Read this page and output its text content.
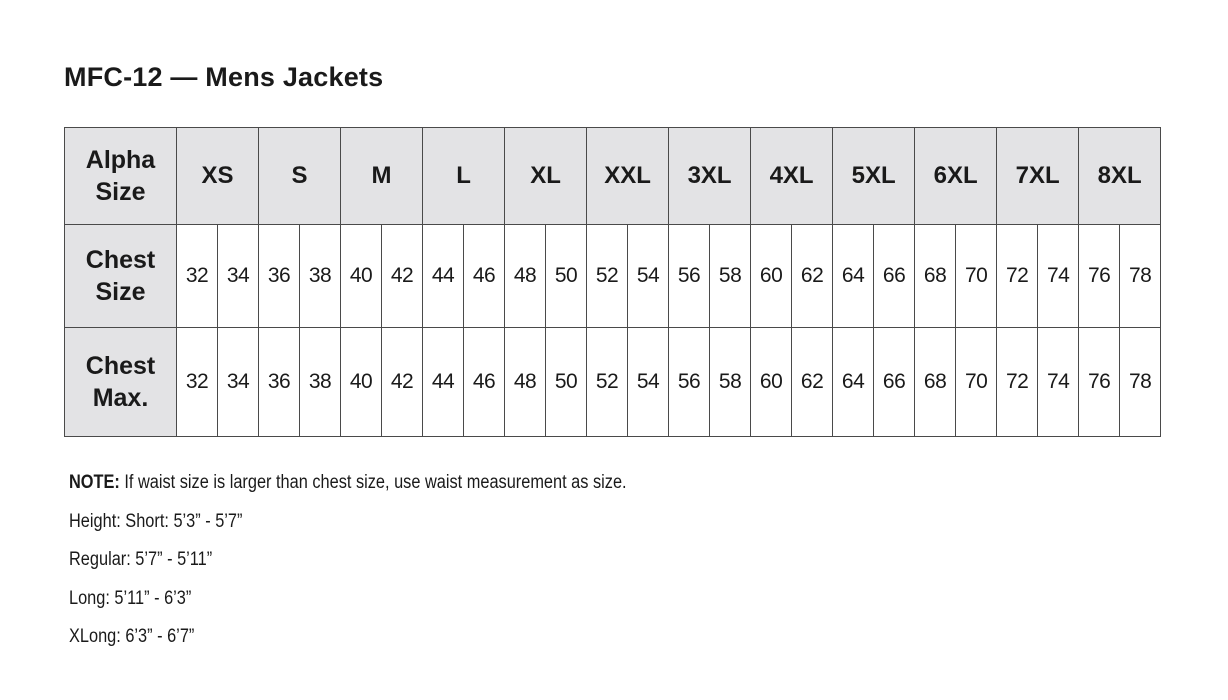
MFC-12 — Mens Jackets
Alpha
Size	XS		S		M		L		XL		XXL		3XL		4XL		5XL		6XL		7XL		8XL	

Chest
Size	32	34	36	38	40	42	44	46	48	50	52	54	56	58	60	62	64	66	68	70	72	74	76	78

Chest
Max.	32	34	36	38	40	42	44	46	48	50	52	54	56	58	60	62	64	66	68	70	72	74	76	78
NOTE: If waist size is larger than chest size, use waist measurement as size.
Height: Short: 5’3” - 5’7”
Regular: 5’7” - 5’11”
Long: 5’11” - 6’3”
XLong: 6’3” - 6’7”
